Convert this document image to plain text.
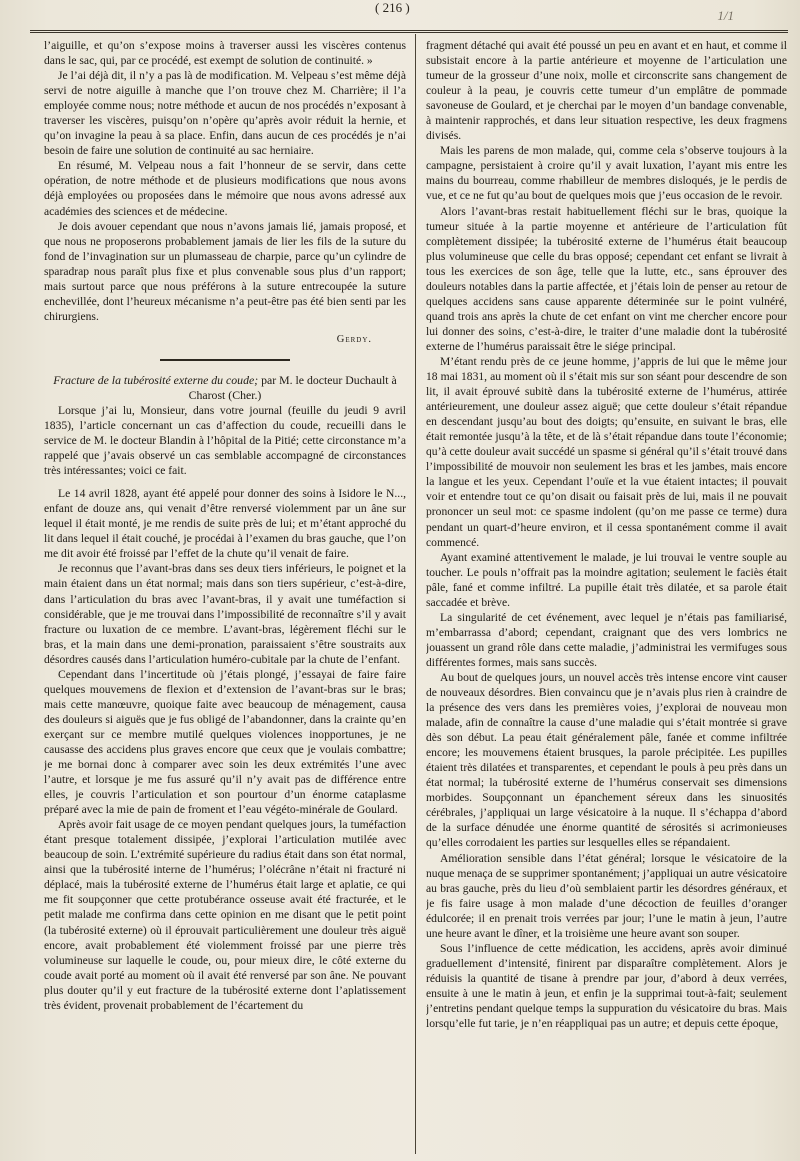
( 216 )
1/1

l’aiguille, et qu’on s’expose moins à traverser aussi les viscères contenus dans le sac, qui, par ce procédé, est exempt de solution de continuité. »

Je l’ai déjà dit, il n’y a pas là de modification. M. Velpeau s’est même déjà servi de notre aiguille à manche que l’on trouve chez M. Charrière; il l’a employée comme nous; notre méthode et aucun de nos procédés n’exposant à traverser les viscères, puisqu’on n’opère qu’après avoir réduit la hernie, et qu’on invagine la peau à sa place. Enfin, dans aucun de ces procédés je n’ai besoin de faire une solution de continuité au sac herniaire.

En résumé, M. Velpeau nous a fait l’honneur de se servir, dans cette opération, de notre méthode et de plusieurs modifications que nous avons déjà employées ou proposées dans le mémoire que nous avons adressé aux académies des sciences et de médecine.

Je dois avouer cependant que nous n’avons jamais lié, jamais proposé, et que nous ne proposerons probablement jamais de lier les fils de la suture du fond de l’invagination sur un plumasseau de charpie, parce qu’un cylindre de sparadrap nous paraît plus fixe et plus convenable sous plus d’un rapport; mais surtout parce que nous préférons à la suture entrecoupée la suture enchevillée, dont l’heureux mécanisme n’a peut-être pas été bien senti par les chirurgiens.

Gerdy.

Fracture de la tubérosité externe du coude; par M. le docteur Duchault à Charost (Cher.)

Lorsque j’ai lu, Monsieur, dans votre journal (feuille du jeudi 9 avril 1835), l’article concernant un cas d’affection du coude, recueilli dans le service de M. le docteur Blandin à l’hôpital de la Pitié; cette circonstance m’a rappelé que j’avais observé un cas semblable accompagné de circonstances très intéressantes; voici ce fait.

Le 14 avril 1828, ayant été appelé pour donner des soins à Isidore le N..., enfant de douze ans, qui venait d’être renversé violemment par un âne sur lequel il était monté, je me rendis de suite près de lui; et m’étant approché du lit dans lequel il était couché, je procédai à l’examen du bras gauche, que l’on me dit avoir été froissé par l’effet de la chute qu’il venait de faire.

Je reconnus que l’avant-bras dans ses deux tiers inférieurs, le poignet et la main étaient dans un état normal; mais dans son tiers supérieur, c’est-à-dire, dans l’articulation du bras avec l’avant-bras, il y avait une tuméfaction si considérable, que je me trouvai dans l’impossibilité de reconnaître s’il y avait fracture ou luxation de ce membre. L’avant-bras, légèrement fléchi sur le bras, et la main dans une demi-pronation, paraissaient s’être soustraits aux désordres causés dans l’articulation huméro-cubitale par la chute de l’enfant.

Cependant dans l’incertitude où j’étais plongé, j’essayai de faire faire quelques mouvemens de flexion et d’extension de l’avant-bras sur le bras; mais cette manœuvre, quoique faite avec beaucoup de ménagement, causa des douleurs si aiguës que je fus obligé de l’abandonner, dans la crainte qu’en exerçant sur ce membre mutilé quelques violences inopportunes, je ne causasse des accidens plus graves encore que ceux que je voulais combattre; je me bornai donc à comparer avec soin les deux extrémités l’une avec l’autre, et lorsque je me fus assuré qu’il n’y avait pas de différence entre elles, je couvris l’articulation et son pourtour d’un énorme cataplasme préparé avec la mie de pain de froment et l’eau végéto-minérale de Goulard.

Après avoir fait usage de ce moyen pendant quelques jours, la tuméfaction étant presque totalement dissipée, j’explorai l’articulation mutilée avec beaucoup de soin. L’extrémité supérieure du radius était dans son état normal, ainsi que la tubérosité interne de l’humérus; l’olécrâne n’était ni fracturé ni déplacé, mais la tubérosité externe de l’humérus était large et aplatie, ce qui me fit soupçonner que cette protubérance osseuse avait été fracturée, et le petit malade me confirma dans cette opinion en me disant que le petit point (la tubérosité externe) où il éprouvait particulièrement une douleur très aiguë encore, avait probablement été violemment froissé par une pierre très volumineuse sur laquelle le coude, ou, pour mieux dire, le côté externe du coude avait porté au moment où il avait été renversé par son âne. Ne pouvant plus douter qu’il y eut fracture de la tubérosité externe dont l’aplatissement très évident, provenait probablement de l’écartement du

fragment détaché qui avait été poussé un peu en avant et en haut, et comme il subsistait encore à la partie antérieure et moyenne de l’articulation une tumeur de la grosseur d’une noix, molle et circonscrite sans changement de couleur à la peau, je couvris cette tumeur d’un emplâtre de pommade savoneuse de Goulard, et je cherchai par le moyen d’un bandage convenable, à maintenir rapprochés, et dans leur situation respective, les deux fragmens divisés.

Mais les parens de mon malade, qui, comme cela s’observe toujours à la campagne, persistaient à croire qu’il y avait luxation, l’ayant mis entre les mains du bourreau, comme rhabilleur de membres disloqués, je le perdis de vue, et ce ne fut qu’au bout de quelques mois que j’eus occasion de le revoir.

Alors l’avant-bras restait habituellement fléchi sur le bras, quoique la tumeur située à la partie moyenne et antérieure de l’articulation fût complètement dissipée; la tubérosité externe de l’humérus était beaucoup plus volumineuse que celle du bras opposé; cependant cet enfant se livrait à tous les exercices de son âge, telle que la lutte, etc., sans éprouver des douleurs notables dans la partie affectée, et j’étais loin de penser au retour de quelques accidens sans cause apparente déterminée sur le point vulnéré, quand trois ans après la chute de cet enfant on vint me chercher encore pour lui donner des soins, c’est-à-dire, le traiter d’une maladie dont la tubérosité externe de l’humérus paraissait être le siége principal.

M’étant rendu près de ce jeune homme, j’appris de lui que le même jour 18 mai 1831, au moment où il s’était mis sur son séant pour descendre de son lit, il avait éprouvé subitè dans la tubérosité externe de l’humérus, attirée antérieurement, une douleur assez aiguë; que cette douleur s’était répandue en descendant jusqu’au bout des doigts; qu’ensuite, en suivant le bras, elle était remontée jusqu’à la tête, et de là s’était répandue dans toute l’économie; qu’à cette douleur avait succédé un spasme si général qu’il s’était trouvé dans l’impossibilité de mouvoir non seulement les bras et les jambes, mais encore la langue et les yeux. Cependant l’ouïe et la vue étaient intactes; il pouvait voir et entendre tout ce qu’on disait ou faisait près de lui, mais il ne pouvait prononcer un seul mot: ce spasme indolent (qu’on me passe ce terme) dura pendant un quart-d’heure environ, et il cessa spontanément comme il avait commencé.

Ayant examiné attentivement le malade, je lui trouvai le ventre souple au toucher. Le pouls n’offrait pas la moindre agitation; seulement le faciès était pâle, fané et comme infiltré. La pupille était très dilatée, et sa parole était saccadée et brève.

La singularité de cet événement, avec lequel je n’étais pas familiarisé, m’embarrassa d’abord; cependant, craignant que des vers lombrics ne jouassent un grand rôle dans cette maladie, j’administrai les vermifuges sous différentes formes, mais sans succès.

Au bout de quelques jours, un nouvel accès très intense encore vint causer de nouveaux désordres. Bien convaincu que je n’avais plus rien à craindre de la présence des vers dans les premières voies, j’explorai de nouveau mon malade, afin de connaître la cause d’une maladie qui s’était montrée si grave dès son début. La peau était généralement pâle, fanée et comme infiltrée encore; les mouvemens étaient brusques, la parole précipitée. Les pupilles étaient très dilatées et transparentes, et cependant le pouls à peu près dans un état normal; la tubérosité externe de l’humérus conservait ses dimensions morbides. Soupçonnant un épanchement séreux dans les sinuosités cérébrales, j’appliquai un large vésicatoire à la nuque. Il s’échappa d’abord de la surface dénudée une énorme quantité de sérosités si acrimonieuses qu’elles corrodaient les parties sur lesquelles elles se répandaient.

Amélioration sensible dans l’état général; lorsque le vésicatoire de la nuque menaça de se supprimer spontanément; j’appliquai un autre vésicatoire au bras gauche, près du lieu d’où semblaient partir les désordres généraux, et je fis faire usage à mon malade d’une décoction de feuilles d’oranger édulcorée; il en prenait trois verrées par jour; l’une le matin à jeun, l’autre une heure avant le dîner, et la troisième une heure avant son souper.

Sous l’influence de cette médication, les accidens, après avoir diminué graduellement d’intensité, finirent par disparaître complètement. Alors je réduisis la quantité de tisane à prendre par jour, d’abord à deux verrées, ensuite à une le matin à jeun, et enfin je la supprimai tout-à-fait; seulement j’entretins pendant quelque temps la suppuration du vésicatoire du bras. Mais lorsqu’elle fut tarie, je n’en réappliquai pas un autre; et depuis cette époque,
